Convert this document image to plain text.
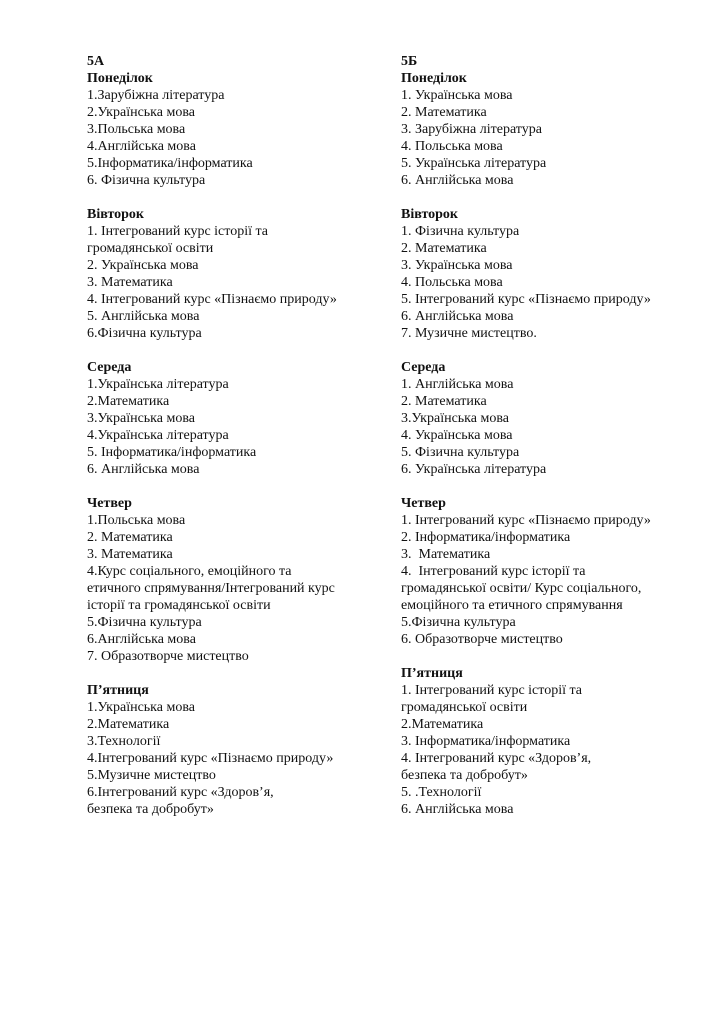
5А
Понеділок
1.Зарубіжна література
2.Українська мова
3.Польська мова
4.Англійська мова
5.Інформатика/інформатика
6. Фізична культура
Вівторок
1. Інтегрований курс історії та
громадянської освіти
2. Українська мова
3. Математика
4. Інтегрований курс «Пізнаємо природу»
5. Англійська мова
6.Фізична культура
Середа
1.Українська література
2.Математика
3.Українська мова
4.Українська література
5. Інформатика/інформатика
6. Англійська мова
Четвер
1.Польська мова
2. Математика
3. Математика
4.Курс соціального, емоційного та
етичного спрямування/Інтегрований курс
історії та громадянської освіти
5.Фізична культура
6.Англійська мова
7. Образотворче мистецтво
П’ятниця
1.Українська мова
2.Математика
3.Технології
4.Інтегрований курс «Пізнаємо природу»
5.Музичне мистецтво
6.Інтегрований курс «Здоров’я,
безпека та добробут»
5Б
Понеділок
1. Українська мова
2. Математика
3. Зарубіжна література
4. Польська мова
5. Українська література
6. Англійська мова
Вівторок
1. Фізична культура
2. Математика
3. Українська мова
4. Польська мова
5. Інтегрований курс «Пізнаємо природу»
6. Англійська мова
7. Музичне мистецтво.
Середа
1. Англійська мова
2. Математика
3.Українська мова
4. Українська мова
5. Фізична культура
6. Українська література
Четвер
1. Інтегрований курс «Пізнаємо природу»
2. Інформатика/інформатика
3.  Математика
4.  Інтегрований курс історії та
громадянської освіти/ Курс соціального,
емоційного та етичного спрямування
5.Фізична культура
6. Образотворче мистецтво
П’ятниця
1. Інтегрований курс історії та
громадянської освіти
2.Математика
3. Інформатика/інформатика
4. Інтегрований курс «Здоров’я,
безпека та добробут»
5. .Технології
6. Англійська мова
